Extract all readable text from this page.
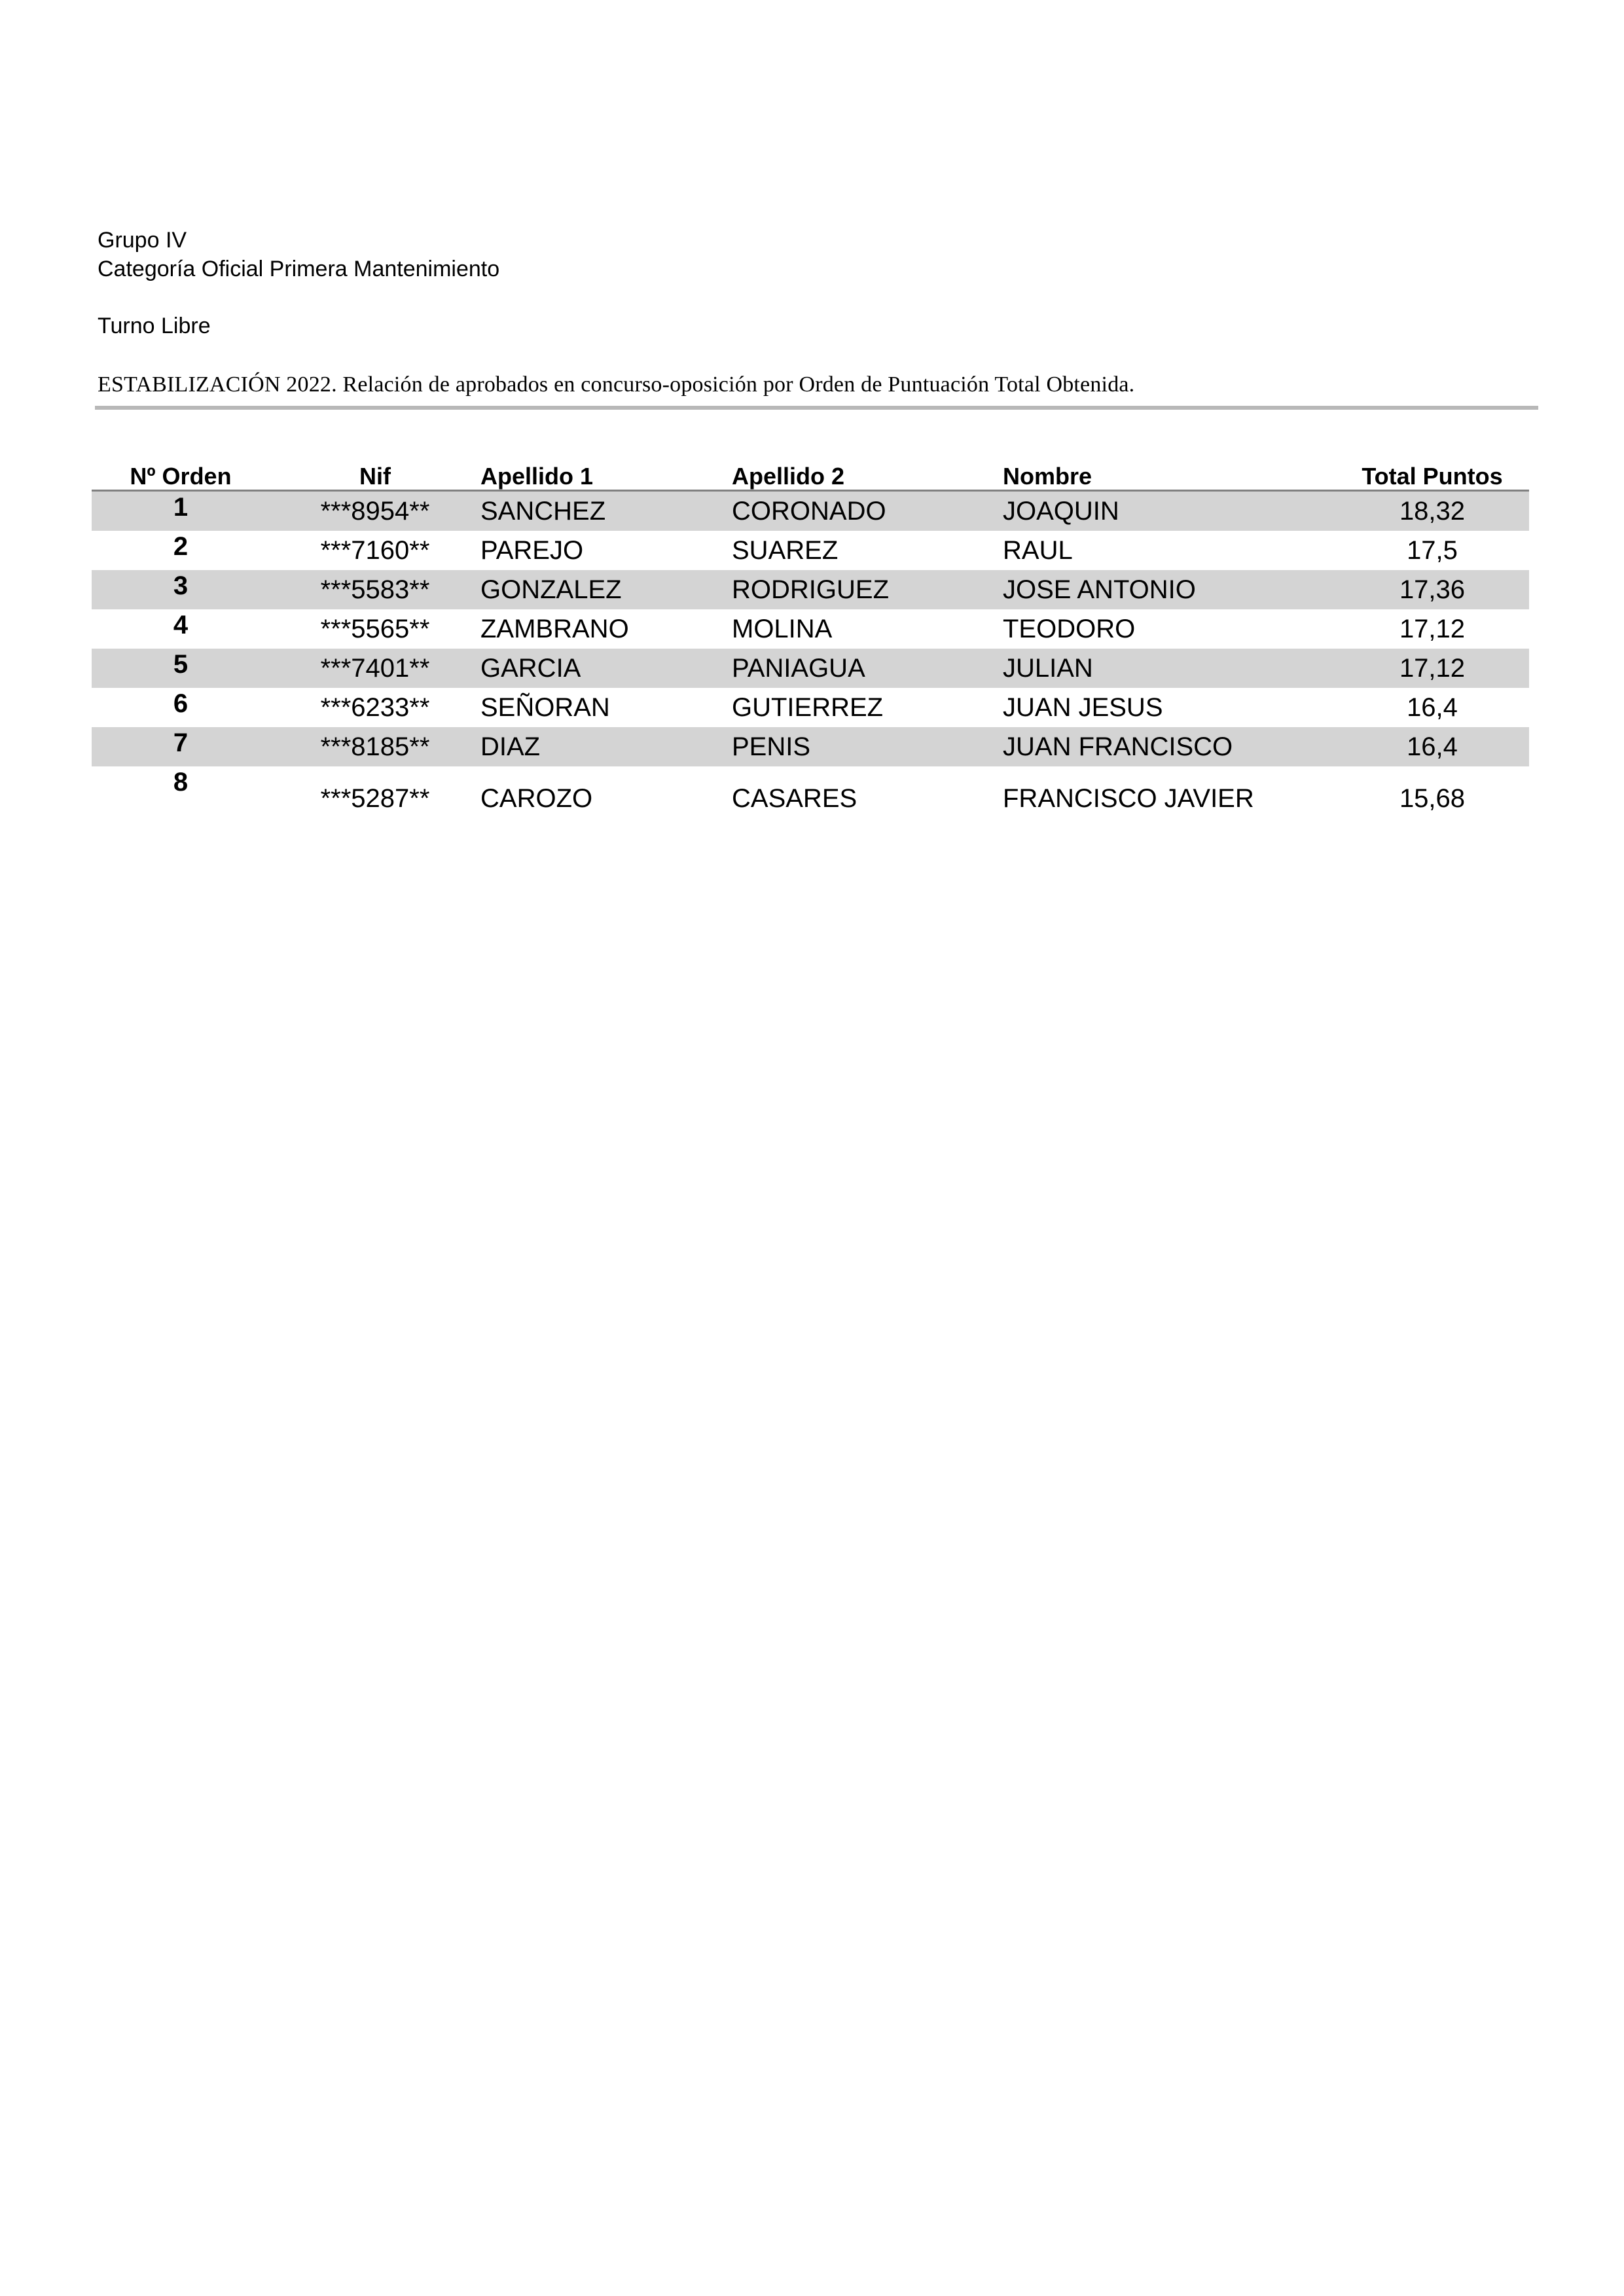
Grupo IV
Categoría Oficial Primera Mantenimiento
Turno Libre
ESTABILIZACIÓN 2022. Relación de aprobados en concurso-oposición por Orden de Puntuación Total Obtenida.
Nº Orden	Nif	Apellido 1	Apellido 2	Nombre	Total Puntos
1	***8954**	SANCHEZ	CORONADO	JOAQUIN	18,32
2	***7160**	PAREJO	SUAREZ	RAUL	17,5
3	***5583**	GONZALEZ	RODRIGUEZ	JOSE ANTONIO	17,36
4	***5565**	ZAMBRANO	MOLINA	TEODORO	17,12
5	***7401**	GARCIA	PANIAGUA	JULIAN	17,12
6	***6233**	SEÑORAN	GUTIERREZ	JUAN JESUS	16,4
7	***8185**	DIAZ	PENIS	JUAN FRANCISCO	16,4
8	***5287**	CAROZO	CASARES	FRANCISCO JAVIER	15,68
